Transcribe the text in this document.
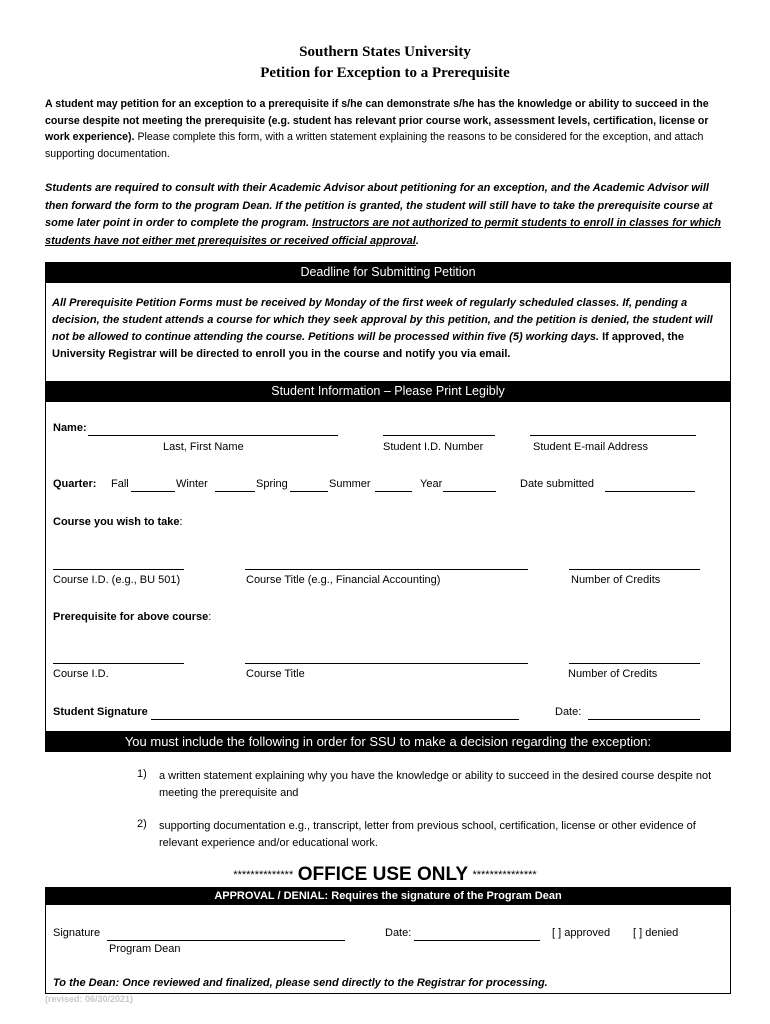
Southern States University
Petition for Exception to a Prerequisite
A student may petition for an exception to a prerequisite if s/he can demonstrate s/he has the knowledge or ability to succeed in the course despite not meeting the prerequisite (e.g. student has relevant prior course work, assessment levels, certification, license or work experience). Please complete this form, with a written statement explaining the reasons to be considered for the exception, and attach supporting documentation.
Students are required to consult with their Academic Advisor about petitioning for an exception, and the Academic Advisor will then forward the form to the program Dean. If the petition is granted, the student will still have to take the prerequisite course at some later point in order to complete the program. Instructors are not authorized to permit students to enroll in classes for which students have not either met prerequisites or received official approval.
Deadline for Submitting Petition
All Prerequisite Petition Forms must be received by Monday of the first week of regularly scheduled classes. If, pending a decision, the student attends a course for which they seek approval by this petition, and the petition is denied, the student will not be allowed to continue attending the course. Petitions will be processed within five (5) working days. If approved, the University Registrar will be directed to enroll you in the course and notify you via email.
Student Information – Please Print Legibly
Name:
Last, First Name	Student I.D. Number	Student E-mail Address
Quarter: Fall	Winter	Spring	Summer	Year	Date submitted
Course you wish to take:
Course I.D. (e.g., BU 501)	Course Title (e.g., Financial Accounting)	Number of Credits
Prerequisite for above course:
Course I.D.	Course Title	Number of Credits
Student Signature	Date:
You must include the following in order for SSU to make a decision regarding the exception:
1) a written statement explaining why you have the knowledge or ability to succeed in the desired course despite not meeting the prerequisite and
2) supporting documentation e.g., transcript, letter from previous school, certification, license or other evidence of relevant experience and/or educational work.
************** OFFICE USE ONLY ***************
APPROVAL / DENIAL: Requires the signature of the Program Dean
Signature
Program Dean
Date:	[ ] approved [ ] denied
To the Dean: Once reviewed and finalized, please send directly to the Registrar for processing.
(revised: 06/30/2021)
